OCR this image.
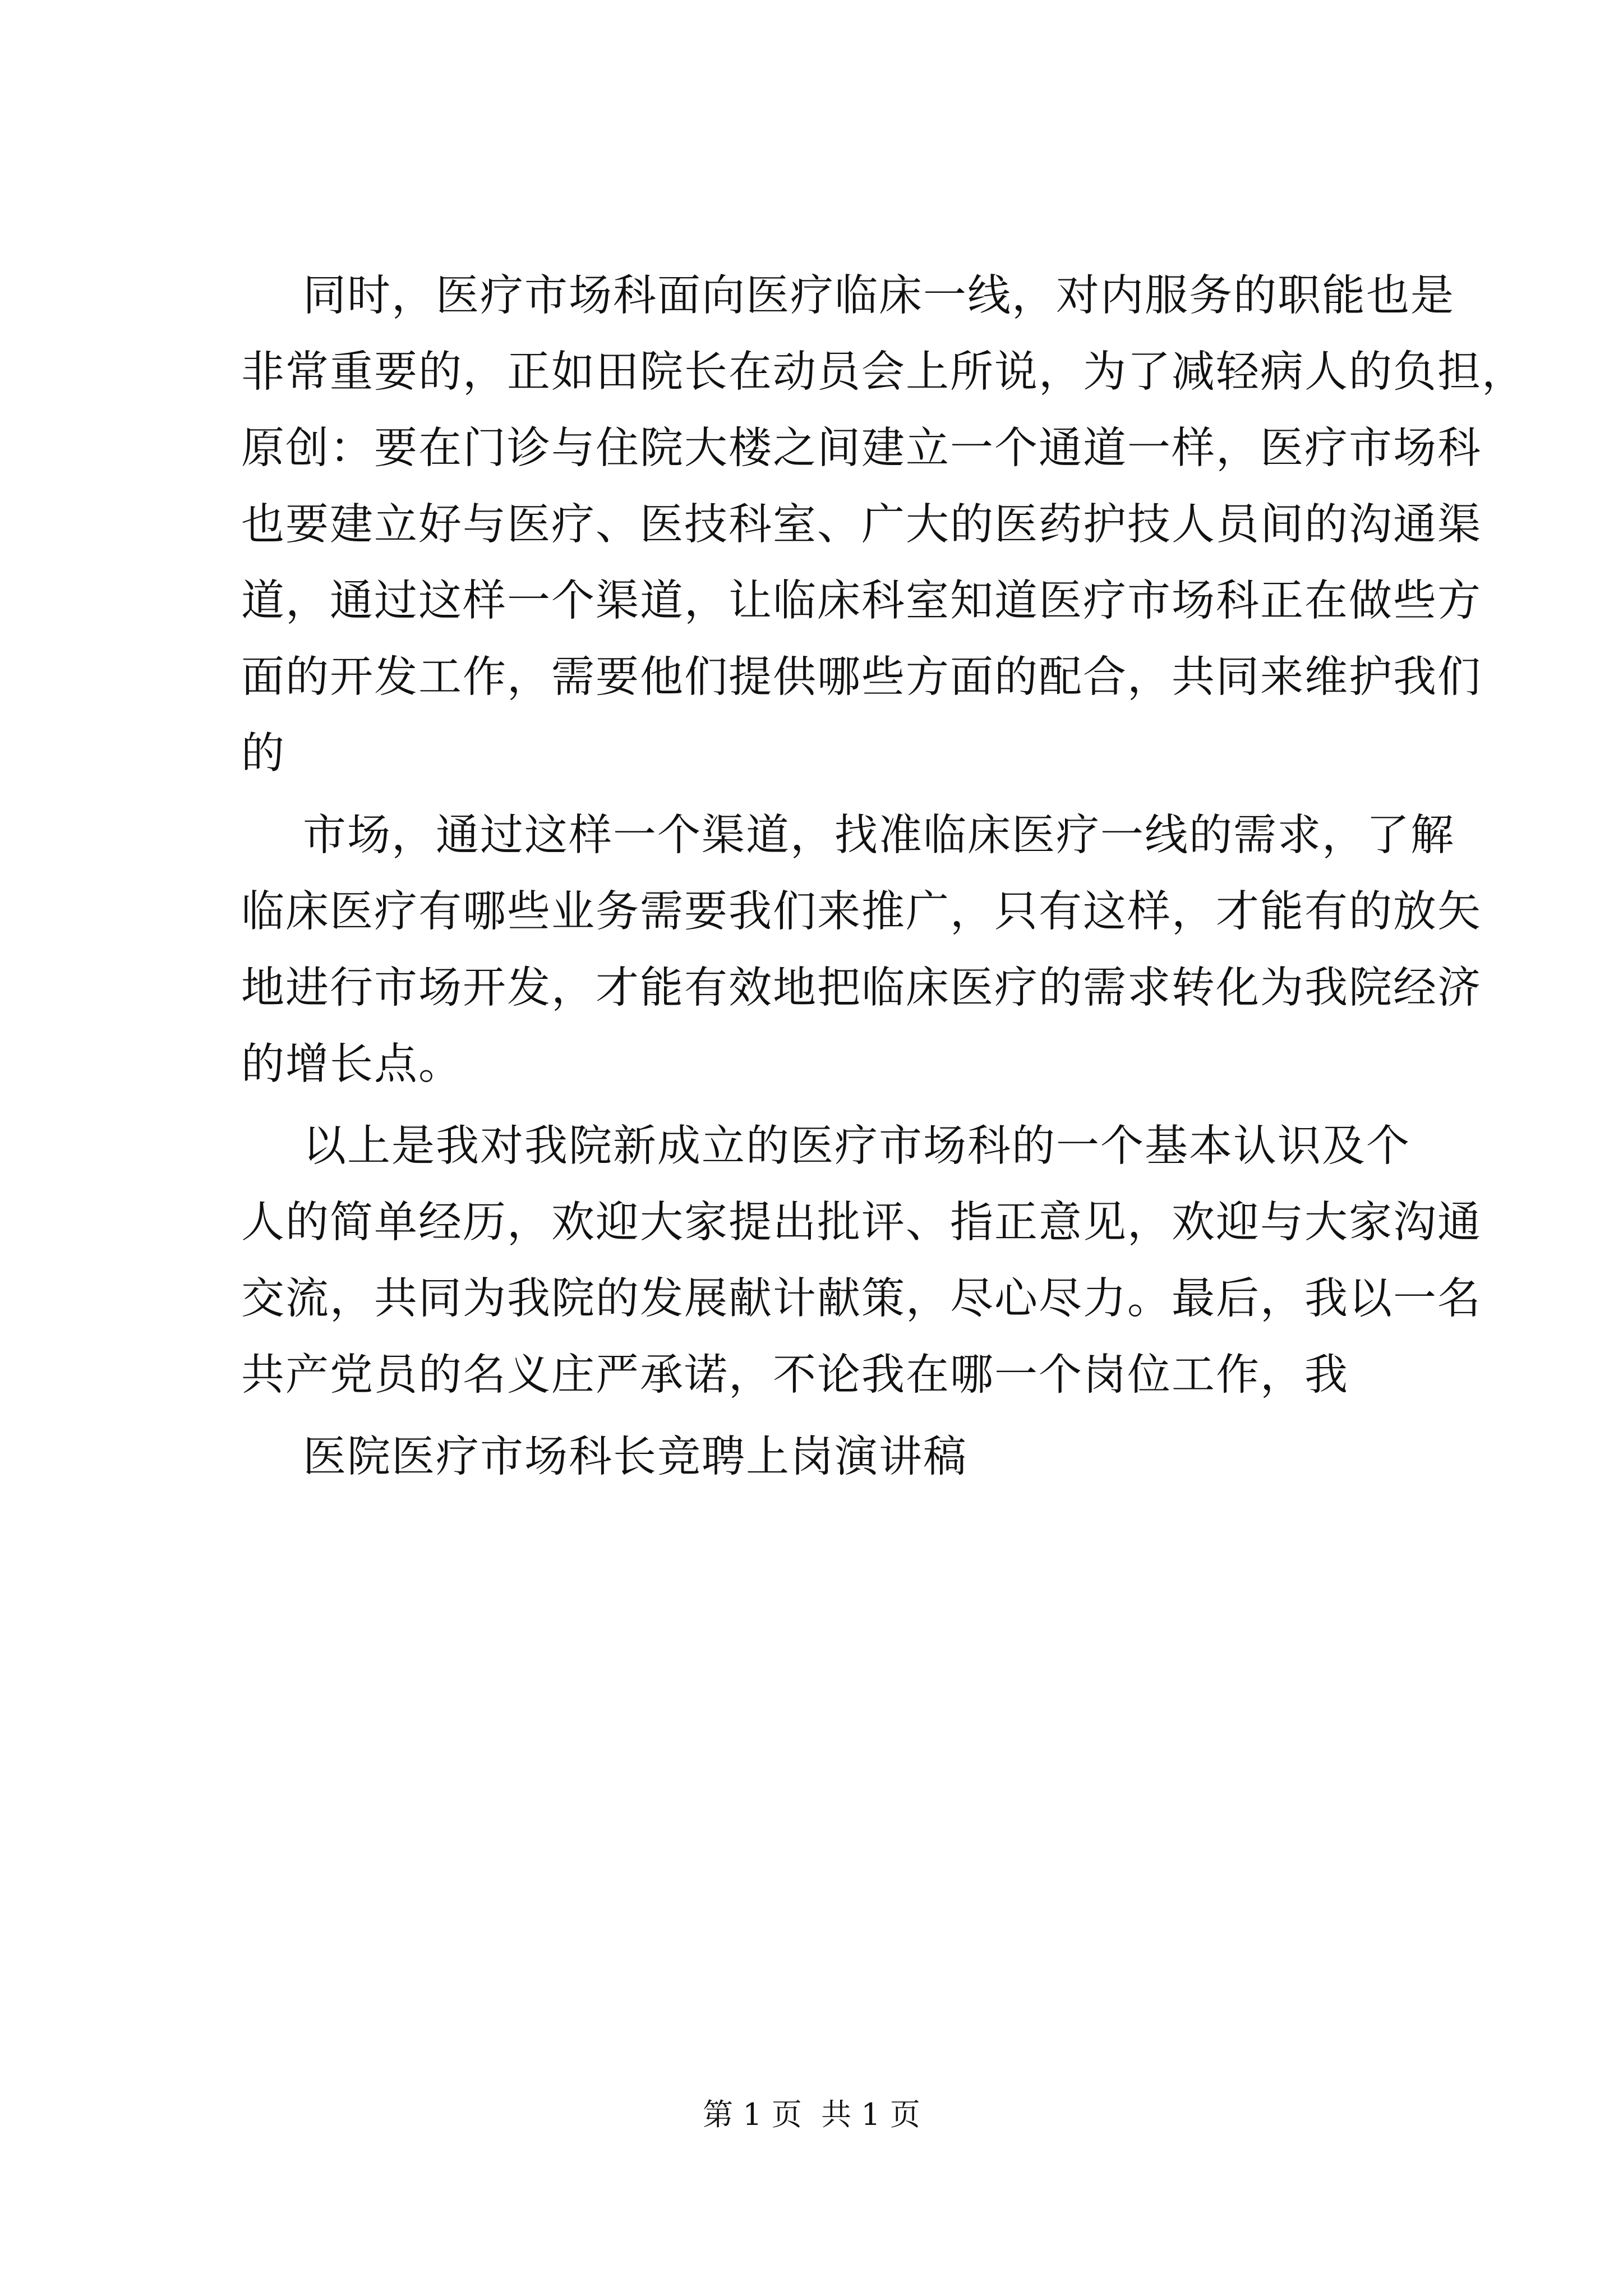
同时，医疗市场科面向医疗临床一线，对内服务的职能也是
非常重要的，正如田院长在动员会上所说，为了减轻病人的负担，
原创：要在门诊与住院大楼之间建立一个通道一样，医疗市场科
也要建立好与医疗、医技科室、广大的医药护技人员间的沟通渠
道，通过这样一个渠道，让临床科室知道医疗市场科正在做些方
面的开发工作，需要他们提供哪些方面的配合，共同来维护我们
的

市场，通过这样一个渠道，找准临床医疗一线的需求，了解
临床医疗有哪些业务需要我们来推广，只有这样，才能有的放矢
地进行市场开发，才能有效地把临床医疗的需求转化为我院经济
的增长点。

以上是我对我院新成立的医疗市场科的一个基本认识及个
人的简单经历，欢迎大家提出批评、指正意见，欢迎与大家沟通
交流，共同为我院的发展献计献策，尽心尽力。最后，我以一名
共产党员的名义庄严承诺，不论我在哪一个岗位工作，我

医院医疗市场科长竞聘上岗演讲稿

第 1 页  共 1 页
